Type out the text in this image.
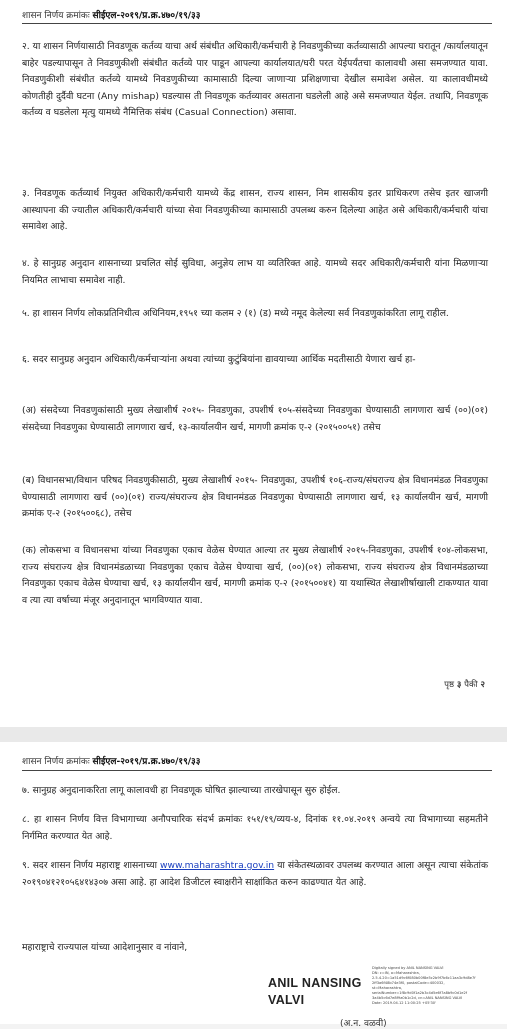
शासन निर्णय क्रमांकः सीईएल-२०१९/प्र.क्र.४७०/१९/३३
२. या शासन निर्णयासाठी निवडणूक कर्तव्य याचा अर्थ संबंधीत अधिकारी/कर्मचारी हे निवडणुकीच्या कर्तव्यासाठी आपल्या घरातून /कार्यालयातून बाहेर पडल्यापासून ते निवडणुकीशी संबंधीत कर्तव्ये पार पाडून आपल्या कार्यालयात/घरी परत येईपर्यंतचा कालावधी असा समजण्यात यावा. निवडणुकीशी संबंधीत कर्तव्ये यामध्ये निवडणुकीच्या कामासाठी दिल्या जाणाऱ्या प्रशिक्षणाचा देखील समावेश असेल. या कालावधीमध्ये कोणतीही दुर्दैवी घटना (Any mishap) घडल्यास ती निवडणूक कर्तव्यावर असताना घडलेली आहे असे समजण्यात येईल. तथापि, निवडणूक कर्तव्य व घडलेला मृत्यु यामध्ये नैमित्तिक संबंध (Casual Connection) असावा.
३. निवडणूक कर्तव्यार्थ नियुक्त अधिकारी/कर्मचारी यामध्ये केंद्र शासन, राज्य शासन, निम शासकीय इतर प्राधिकरण तसेच इतर खाजगी आस्थापना की ज्यातील अधिकारी/कर्मचारी यांच्या सेवा निवडणुकीच्या कामासाठी उपलब्ध करुन दिलेल्या आहेत असे अधिकारी/कर्मचारी यांचा समावेश आहे.
४. हे सानुग्रह अनुदान शासनाच्या प्रचलित सोई सुविधा, अनुज्ञेय लाभ या व्यतिरिक्त आहे. यामध्ये सदर अधिकारी/कर्मचारी यांना मिळणाऱ्या नियमित लाभाचा समावेश नाही.
५. हा शासन निर्णय लोकप्रतिनिधीत्व अधिनियम,१९५१ च्या कलम २ (१) (ड) मध्ये नमूद केलेल्या सर्व निवडणुकांकरिता लागू राहील.
६. सदर सानुग्रह अनुदान अधिकारी/कर्मचाऱ्यांना अथवा त्यांच्या कुटुंबियांना द्यावयाच्या आर्थिक मदतीसाठी येणारा खर्च हा-
(अ) संसदेच्या निवडणुकांसाठी मुख्य लेखाशीर्ष २०१५- निवडणुका, उपशीर्ष १०५-संसदेच्या निवडणुका घेण्यासाठी लागणारा खर्च (००)(०१) संसदेच्या निवडणुका घेण्यासाठी लागणारा खर्च, १३-कार्यालयीन खर्च, मागणी क्रमांक ए-२ (२०१५००५१) तसेच
(ब) विधानसभा/विधान परिषद निवडणुकीसाठी, मुख्य लेखाशीर्ष २०१५- निवडणुका, उपशीर्ष १०६-राज्य/संघराज्य क्षेत्र विधानमंडळ निवडणुका घेण्यासाठी लागणारा खर्च (००)(०१) राज्य/संघराज्य क्षेत्र विधानमंडळ निवडणुका घेण्यासाठी लागणारा खर्च, १३ कार्यालयीन खर्च, मागणी क्रमांक ए-२ (२०१५००६८), तसेच
(क) लोकसभा व विधानसभा यांच्या निवडणुका एकाच वेळेस घेण्यात आल्या तर मुख्य लेखाशीर्ष २०१५-निवडणुका, उपशीर्ष १०४-लोकसभा, राज्य संघराज्य क्षेत्र विधानमंडळाच्या निवडणुका एकाच वेळेस घेण्याचा खर्च, (००)(०१) लोकसभा, राज्य संघराज्य क्षेत्र विधानमंडळाच्या निवडणुका एकाच वेळेस घेण्याचा खर्च, १३ कार्यालयीन खर्च, मागणी क्रमांक ए-२ (२०१५००४१) या यथास्थित लेखाशीर्षाखाली टाकण्यात यावा व त्या त्या वर्षाच्या मंजूर अनुदानातून भागविण्यात यावा.
पृष्ठ ३ पैकी २
शासन निर्णय क्रमांकः सीईएल-२०१९/प्र.क्र.४७०/१९/३३
७. सानुग्रह अनुदानाकरिता लागू कालावधी हा निवडणूक घोषित झाल्याच्या तारखेपासून सुरु होईल.
८. हा शासन निर्णय वित्त विभागाच्या अनौपचारिक संदर्भ क्रमांकः १५१/१९/व्यय-४, दिनांक ११.०४.२०१९ अन्वये त्या विभागाच्या सहमतीने निर्गमित करण्यात येत आहे.
९. सदर शासन निर्णय महाराष्ट्र शासनाच्या www.maharashtra.gov.in या संकेतस्थळावर उपलब्ध करण्यात आला असून त्याचा संकेतांक २०१९०४१२१०५६४१४३०७ असा आहे. हा आदेश डिजीटल स्वाक्षरीने साक्षांकित करुन काढण्यात येत आहे.
महाराष्ट्राचे राज्यपाल यांच्या आदेशानुसार व नांवाने,
ANIL NANSING
VALVI
Digitally signed by ANIL NANSING VALVI
DN: c=IN, o=Maharashtra,
2.5.4.20=1a51d9c6f080b00f8e5c2b9f7b6c11aa3c9d8e7f
2ff3a6f48b74e3f0, postalCode=400032,
st=Maharashtra,
serialNumber=1f8c9d0f1a2b3c4d5e6f7a8b9c0d1e2f
3a4b5c6d7e8f9a0b1c2d, cn=ANIL NANSING VALVI
Date: 2019.04.12 11:00:25 +05'30'
(अ.न. वळवी)
